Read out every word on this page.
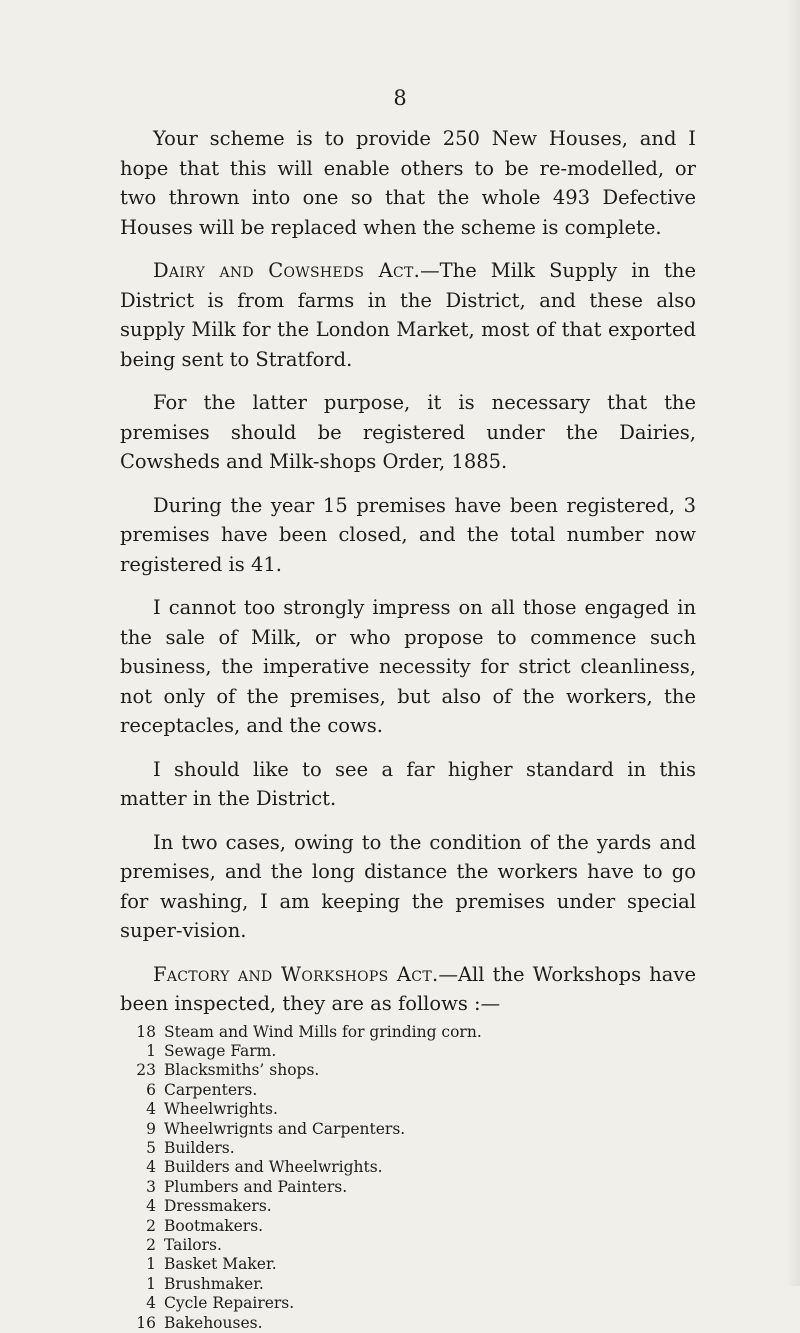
8

Your scheme is to provide 250 New Houses, and I hope that this will enable others to be re-modelled, or two thrown into one so that the whole 493 Defective Houses will be replaced when the scheme is complete.

Dairy and Cowsheds Act.—The Milk Supply in the District is from farms in the District, and these also supply Milk for the London Market, most of that exported being sent to Stratford.

For the latter purpose, it is necessary that the premises should be registered under the Dairies, Cowsheds and Milk-shops Order, 1885.

During the year 15 premises have been registered, 3 premises have been closed, and the total number now registered is 41.

I cannot too strongly impress on all those engaged in the sale of Milk, or who propose to commence such business, the imperative necessity for strict cleanliness, not only of the premises, but also of the workers, the receptacles, and the cows.

I should like to see a far higher standard in this matter in the District.

In two cases, owing to the condition of the yards and premises, and the long distance the workers have to go for washing, I am keeping the premises under special super-vision.

Factory and Workshops Act.—All the Workshops have been inspected, they are as follows :—

18 Steam and Wind Mills for grinding corn.
1 Sewage Farm.
23 Blacksmiths’ shops.
6 Carpenters.
4 Wheelwrights.
9 Wheelwrignts and Carpenters.
5 Builders.
4 Builders and Wheelwrights.
3 Plumbers and Painters.
4 Dressmakers.
2 Bootmakers.
2 Tailors.
1 Basket Maker.
1 Brushmaker.
4 Cycle Repairers.
16 Bakehouses.
